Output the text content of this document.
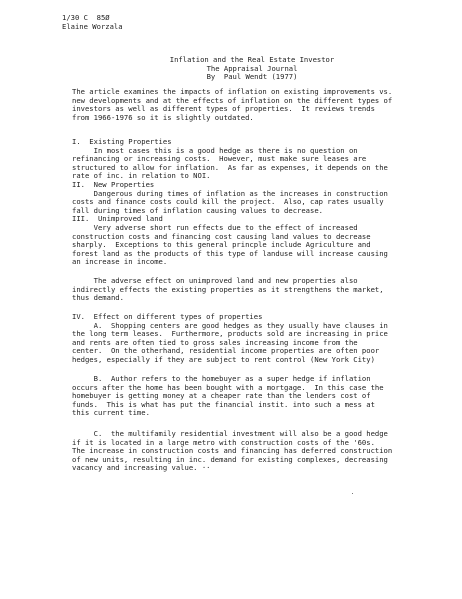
1/30 C  85Ø
Elaine Worzala
Inflation and the Real Estate Investor
The Appraisal Journal
By  Paul Wendt (1977)
The article examines the impacts of inflation on existing improvements vs.
new developments and at the effects of inflation on the different types of
investors as well as different types of properties.  It reviews trends
from 1966-1976 so it is slightly outdated.
I.  Existing Properties
In most cases this is a good hedge as there is no question on
refinancing or increasing costs.  However, must make sure leases are
structured to allow for inflation.  As far as expenses, it depends on the
rate of inc. in relation to NOI.
II.  New Properties
Dangerous during times of inflation as the increases in construction
costs and finance costs could kill the project.  Also, cap rates usually
fall during times of inflation causing values to decrease.
III.  Unimproved land
Very adverse short run effects due to the effect of increased
construction costs and financing cost causing land values to decrease
sharply.  Exceptions to this general princple include Agriculture and
forest land as the products of this type of landuse will increase causing
an increase in income.
The adverse effect on unimproved land and new properties also
indirectly effects the existing properties as it strengthens the market,
thus demand.
IV.  Effect on different types of properties
A.  Shopping centers are good hedges as they usually have clauses in
the long term leases.  Furthermore, products sold are increasing in price
and rents are often tied to gross sales increasing income from the
center.  On the otherhand, residential income properties are often poor
hedges, especially if they are subject to rent control (New York City)
B.  Author refers to the homebuyer as a super hedge if inflation
occurs after the home has been bought with a mortgage.  In this case the
homebuyer is getting money at a cheaper rate than the lenders cost of
funds.  This is what has put the financial instit. into such a mess at
this current time.
C.  the multifamily residential investment will also be a good hedge
if it is located in a large metro with construction costs of the '60s.
The increase in construction costs and financing has deferred construction
of new units, resulting in inc. demand for existing complexes, decreasing
vacancy and increasing value. ··
